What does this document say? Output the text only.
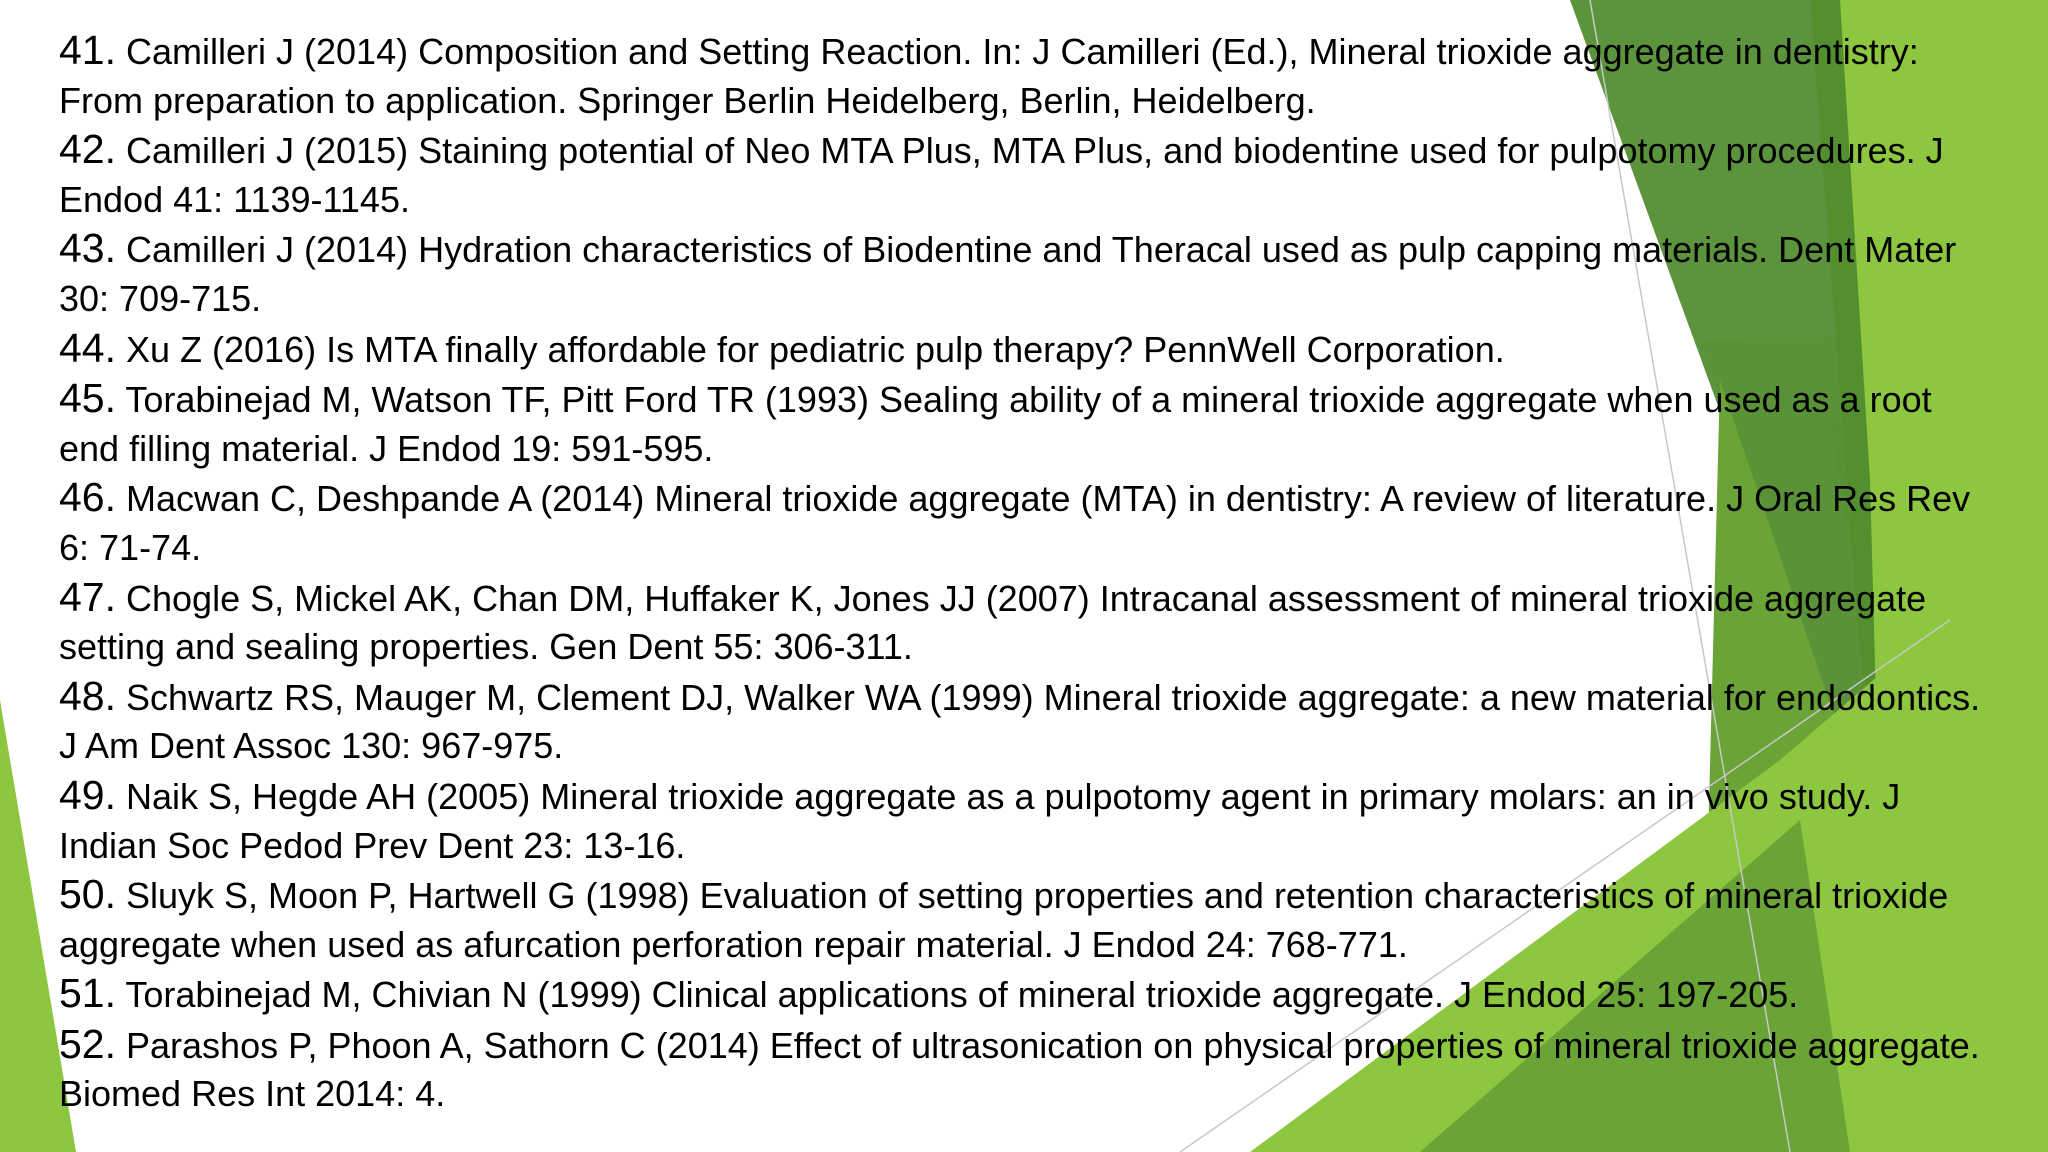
41. Camilleri J (2014) Composition and Setting Reaction. In: J Camilleri (Ed.), Mineral trioxide aggregate in dentistry: From preparation to application. Springer Berlin Heidelberg, Berlin, Heidelberg.
42. Camilleri J (2015) Staining potential of Neo MTA Plus, MTA Plus, and biodentine used for pulpotomy procedures. J Endod 41: 1139-1145.
43. Camilleri J (2014) Hydration characteristics of Biodentine and Theracal used as pulp capping materials. Dent Mater 30: 709-715.
44. Xu Z (2016) Is MTA finally affordable for pediatric pulp therapy? PennWell Corporation.
45. Torabinejad M, Watson TF, Pitt Ford TR (1993) Sealing ability of a mineral trioxide aggregate when used as a root end filling material. J Endod 19: 591-595.
46. Macwan C, Deshpande A (2014) Mineral trioxide aggregate (MTA) in dentistry: A review of literature. J Oral Res Rev 6: 71-74.
47. Chogle S, Mickel AK, Chan DM, Huffaker K, Jones JJ (2007) Intracanal assessment of mineral trioxide aggregate setting and sealing properties. Gen Dent 55: 306-311.
48. Schwartz RS, Mauger M, Clement DJ, Walker WA (1999) Mineral trioxide aggregate: a new material for endodontics. J Am Dent Assoc 130: 967-975.
49. Naik S, Hegde AH (2005) Mineral trioxide aggregate as a pulpotomy agent in primary molars: an in vivo study. J Indian Soc Pedod Prev Dent 23: 13-16.
50. Sluyk S, Moon P, Hartwell G (1998) Evaluation of setting properties and retention characteristics of mineral trioxide aggregate when used as afurcation perforation repair material. J Endod 24: 768-771.
51. Torabinejad M, Chivian N (1999) Clinical applications of mineral trioxide aggregate. J Endod 25: 197-205.
52. Parashos P, Phoon A, Sathorn C (2014) Effect of ultrasonication on physical properties of mineral trioxide aggregate. Biomed Res Int 2014: 4.
